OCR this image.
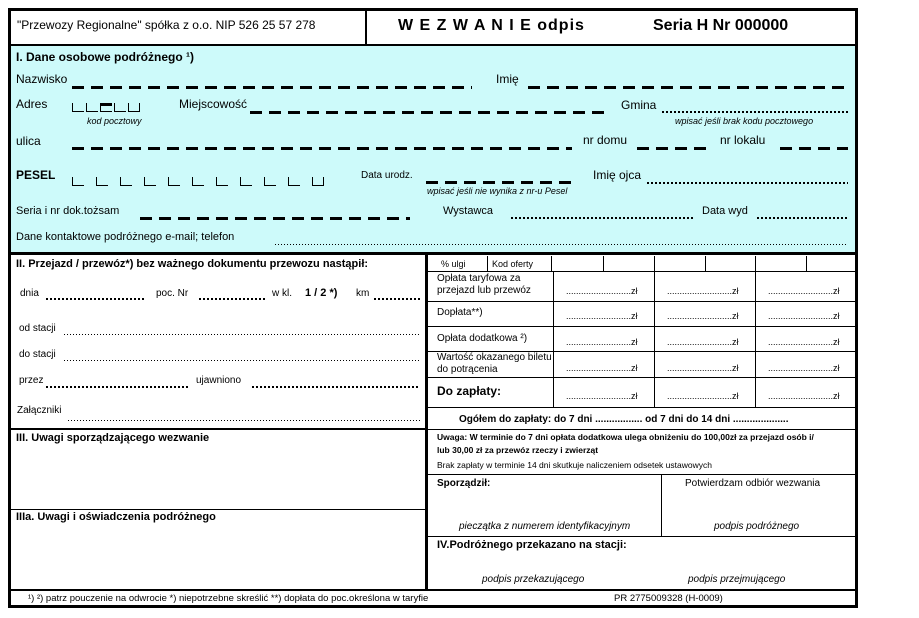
"Przewozy Regionalne" spółka z o.o. NIP 526 25 57 278	W E Z W A N I E odpis	Seria H Nr 000000
I. Dane osobowe podróżnego ¹)
Nazwisko	Imię
Adres
kod pocztowy
Miejscowość	Gmina
wpisać jeśli brak kodu pocztowego
ulica	nr domu	nr lokalu
PESEL	Data urodz.
wpisać jeśli nie wynika z nr-u Pesel
Imię ojca
Seria i nr dok.tożsam	Wystawca	Data wyd
Dane kontaktowe podróżnego e-mail; telefon
II. Przejazd / przewóz*) bez ważnego dokumentu przewozu nastąpił:
dnia	poc. Nr	w kl. 1 / 2 *) km
od stacji
do stacji
przez	ujawniono
Załączniki
III. Uwagi sporządzającego wezwanie
IIIa. Uwagi i oświadczenia podróżnego
% ulgi	Kod oferty
Opłata taryfowa za przejazd lub przewóz	..........................zł	..........................zł	..........................zł
Dopłata**)	..........................zł	..........................zł	..........................zł
Opłata dodatkowa ²)	..........................zł	..........................zł	..........................zł
Wartość okazanego biletu do potrącenia	..........................zł	..........................zł	..........................zł
Do zapłaty:	..........................zł	..........................zł	..........................zł
Ogółem do zapłaty: do 7 dni ................. od 7 dni do 14 dni ....................
Uwaga: W terminie do 7 dni opłata dodatkowa ulega obniżeniu do 100,00zł za przejazd osób i/
lub 30,00 zł za przewóz rzeczy i zwierząt
Brak zapłaty w terminie 14 dni skutkuje naliczeniem odsetek ustawowych
Sporządził:	Potwierdzam odbiór wezwania
pieczątka z numerem identyfikacyjnym	podpis podróżnego
IV.Podróżnego przekazano na stacji:
podpis przekazującego	podpis przejmującego
¹) ²) patrz pouczenie na odwrocie *) niepotrzebne skreślić **) dopłata do poc.określona w taryfie	PR 2775009328 (H-0009)
